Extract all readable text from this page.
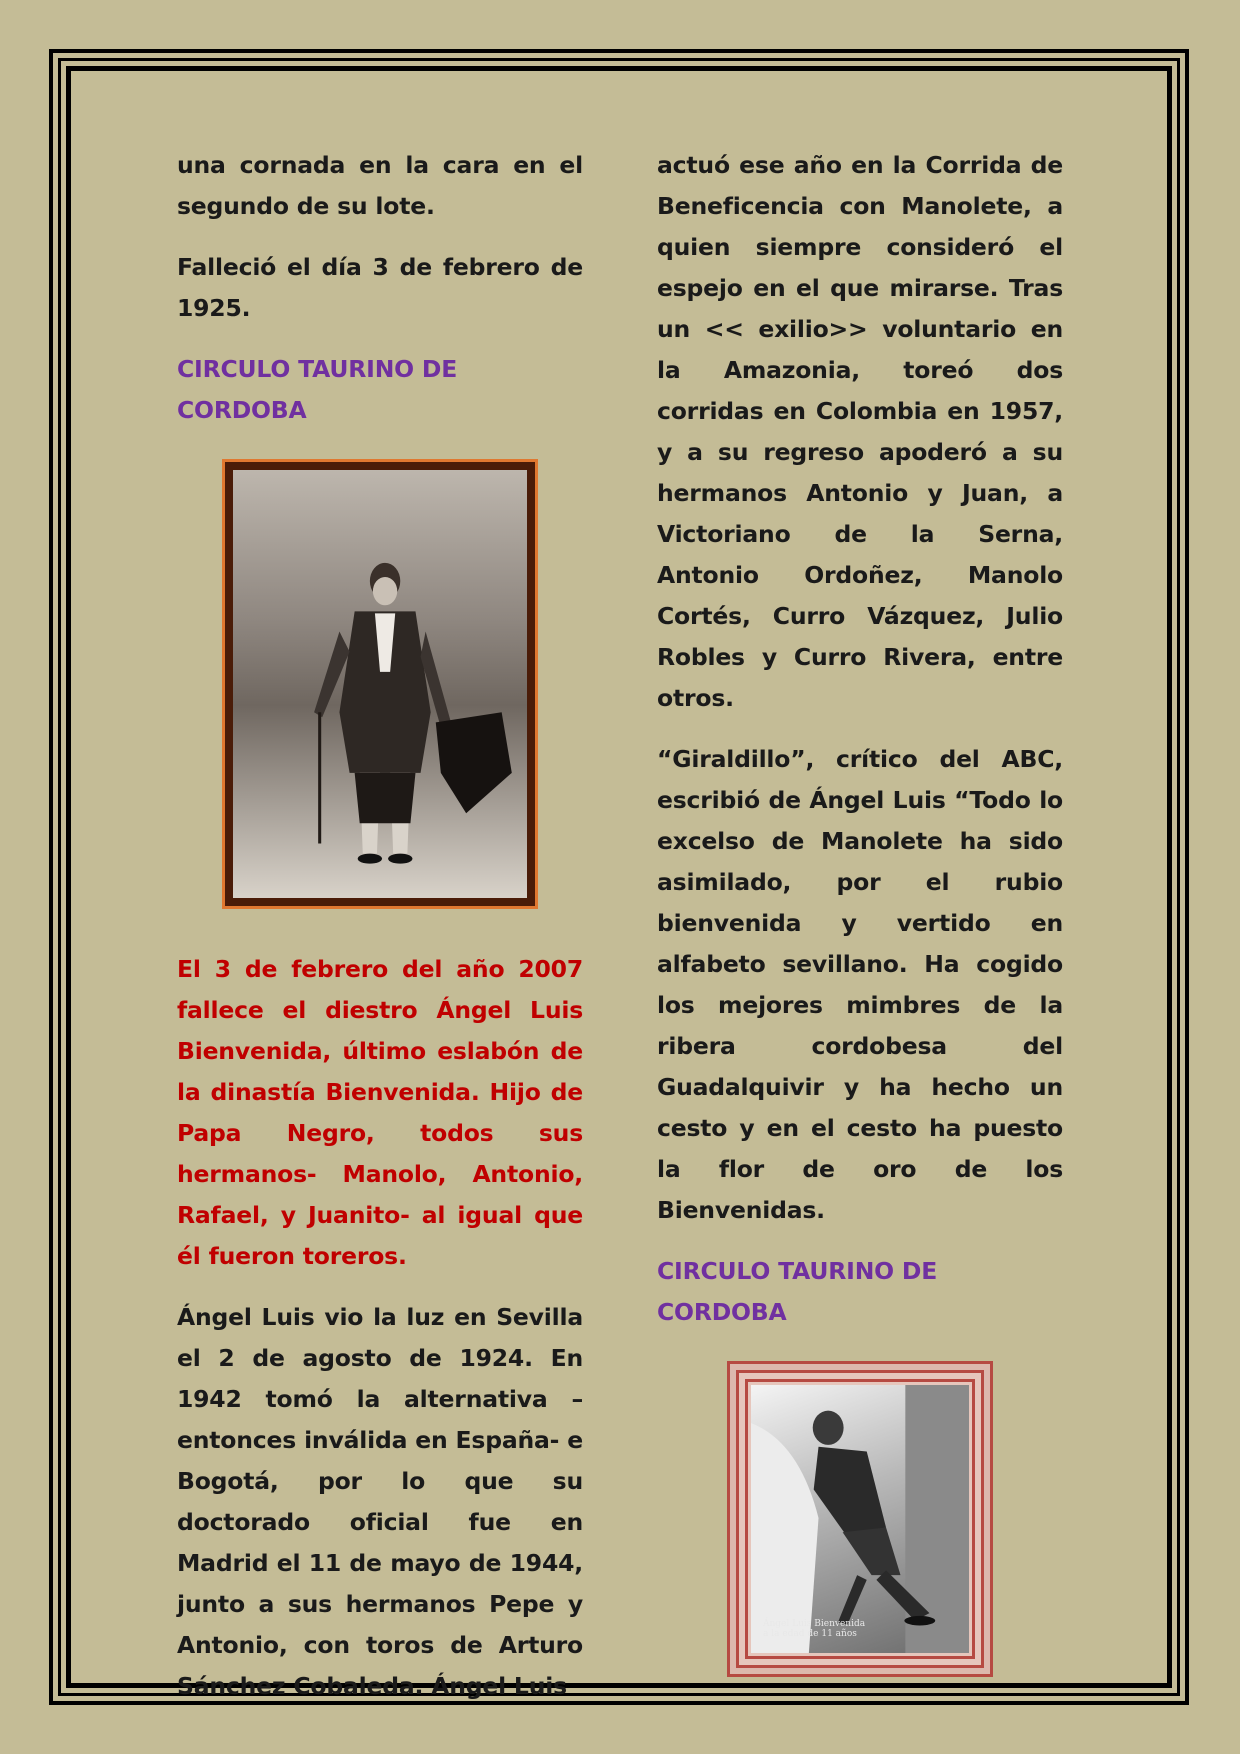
una cornada en la cara en el segundo de su lote.

Falleció el día 3 de febrero de 1925.

CIRCULO TAURINO DE CORDOBA

El 3 de febrero del año 2007 fallece el diestro Ángel Luis Bienvenida, último eslabón de la dinastía Bienvenida. Hijo de Papa Negro, todos sus hermanos- Manolo, Antonio, Rafael, y Juanito- al igual que él fueron toreros.

Ángel Luis vio la luz en Sevilla el 2 de agosto de 1924. En 1942 tomó la alternativa –entonces inválida en España- e Bogotá, por lo que su doctorado oficial fue en Madrid el 11 de mayo de 1944, junto a sus hermanos Pepe y Antonio, con toros de Arturo Sánchez Cobaleda. Ángel Luis

actuó ese año en la Corrida de Beneficencia con Manolete, a quien siempre consideró el espejo en el que mirarse. Tras un << exilio>> voluntario en la Amazonia, toreó dos corridas en Colombia en 1957, y a su regreso apoderó a su hermanos Antonio y Juan, a Victoriano de la Serna, Antonio Ordoñez, Manolo Cortés, Curro Vázquez, Julio Robles y Curro Rivera, entre otros.

“Giraldillo”, crítico del ABC, escribió de Ángel Luis “Todo lo excelso de Manolete ha sido asimilado, por el rubio bienvenida y vertido en alfabeto sevillano. Ha cogido los mejores mimbres de la ribera cordobesa del Guadalquivir y ha hecho un cesto y en el cesto ha puesto la flor de oro de los Bienvenidas.

CIRCULO TAURINO DE CORDOBA

Ángel Luis Bienvenida
a la edad de 11 años
